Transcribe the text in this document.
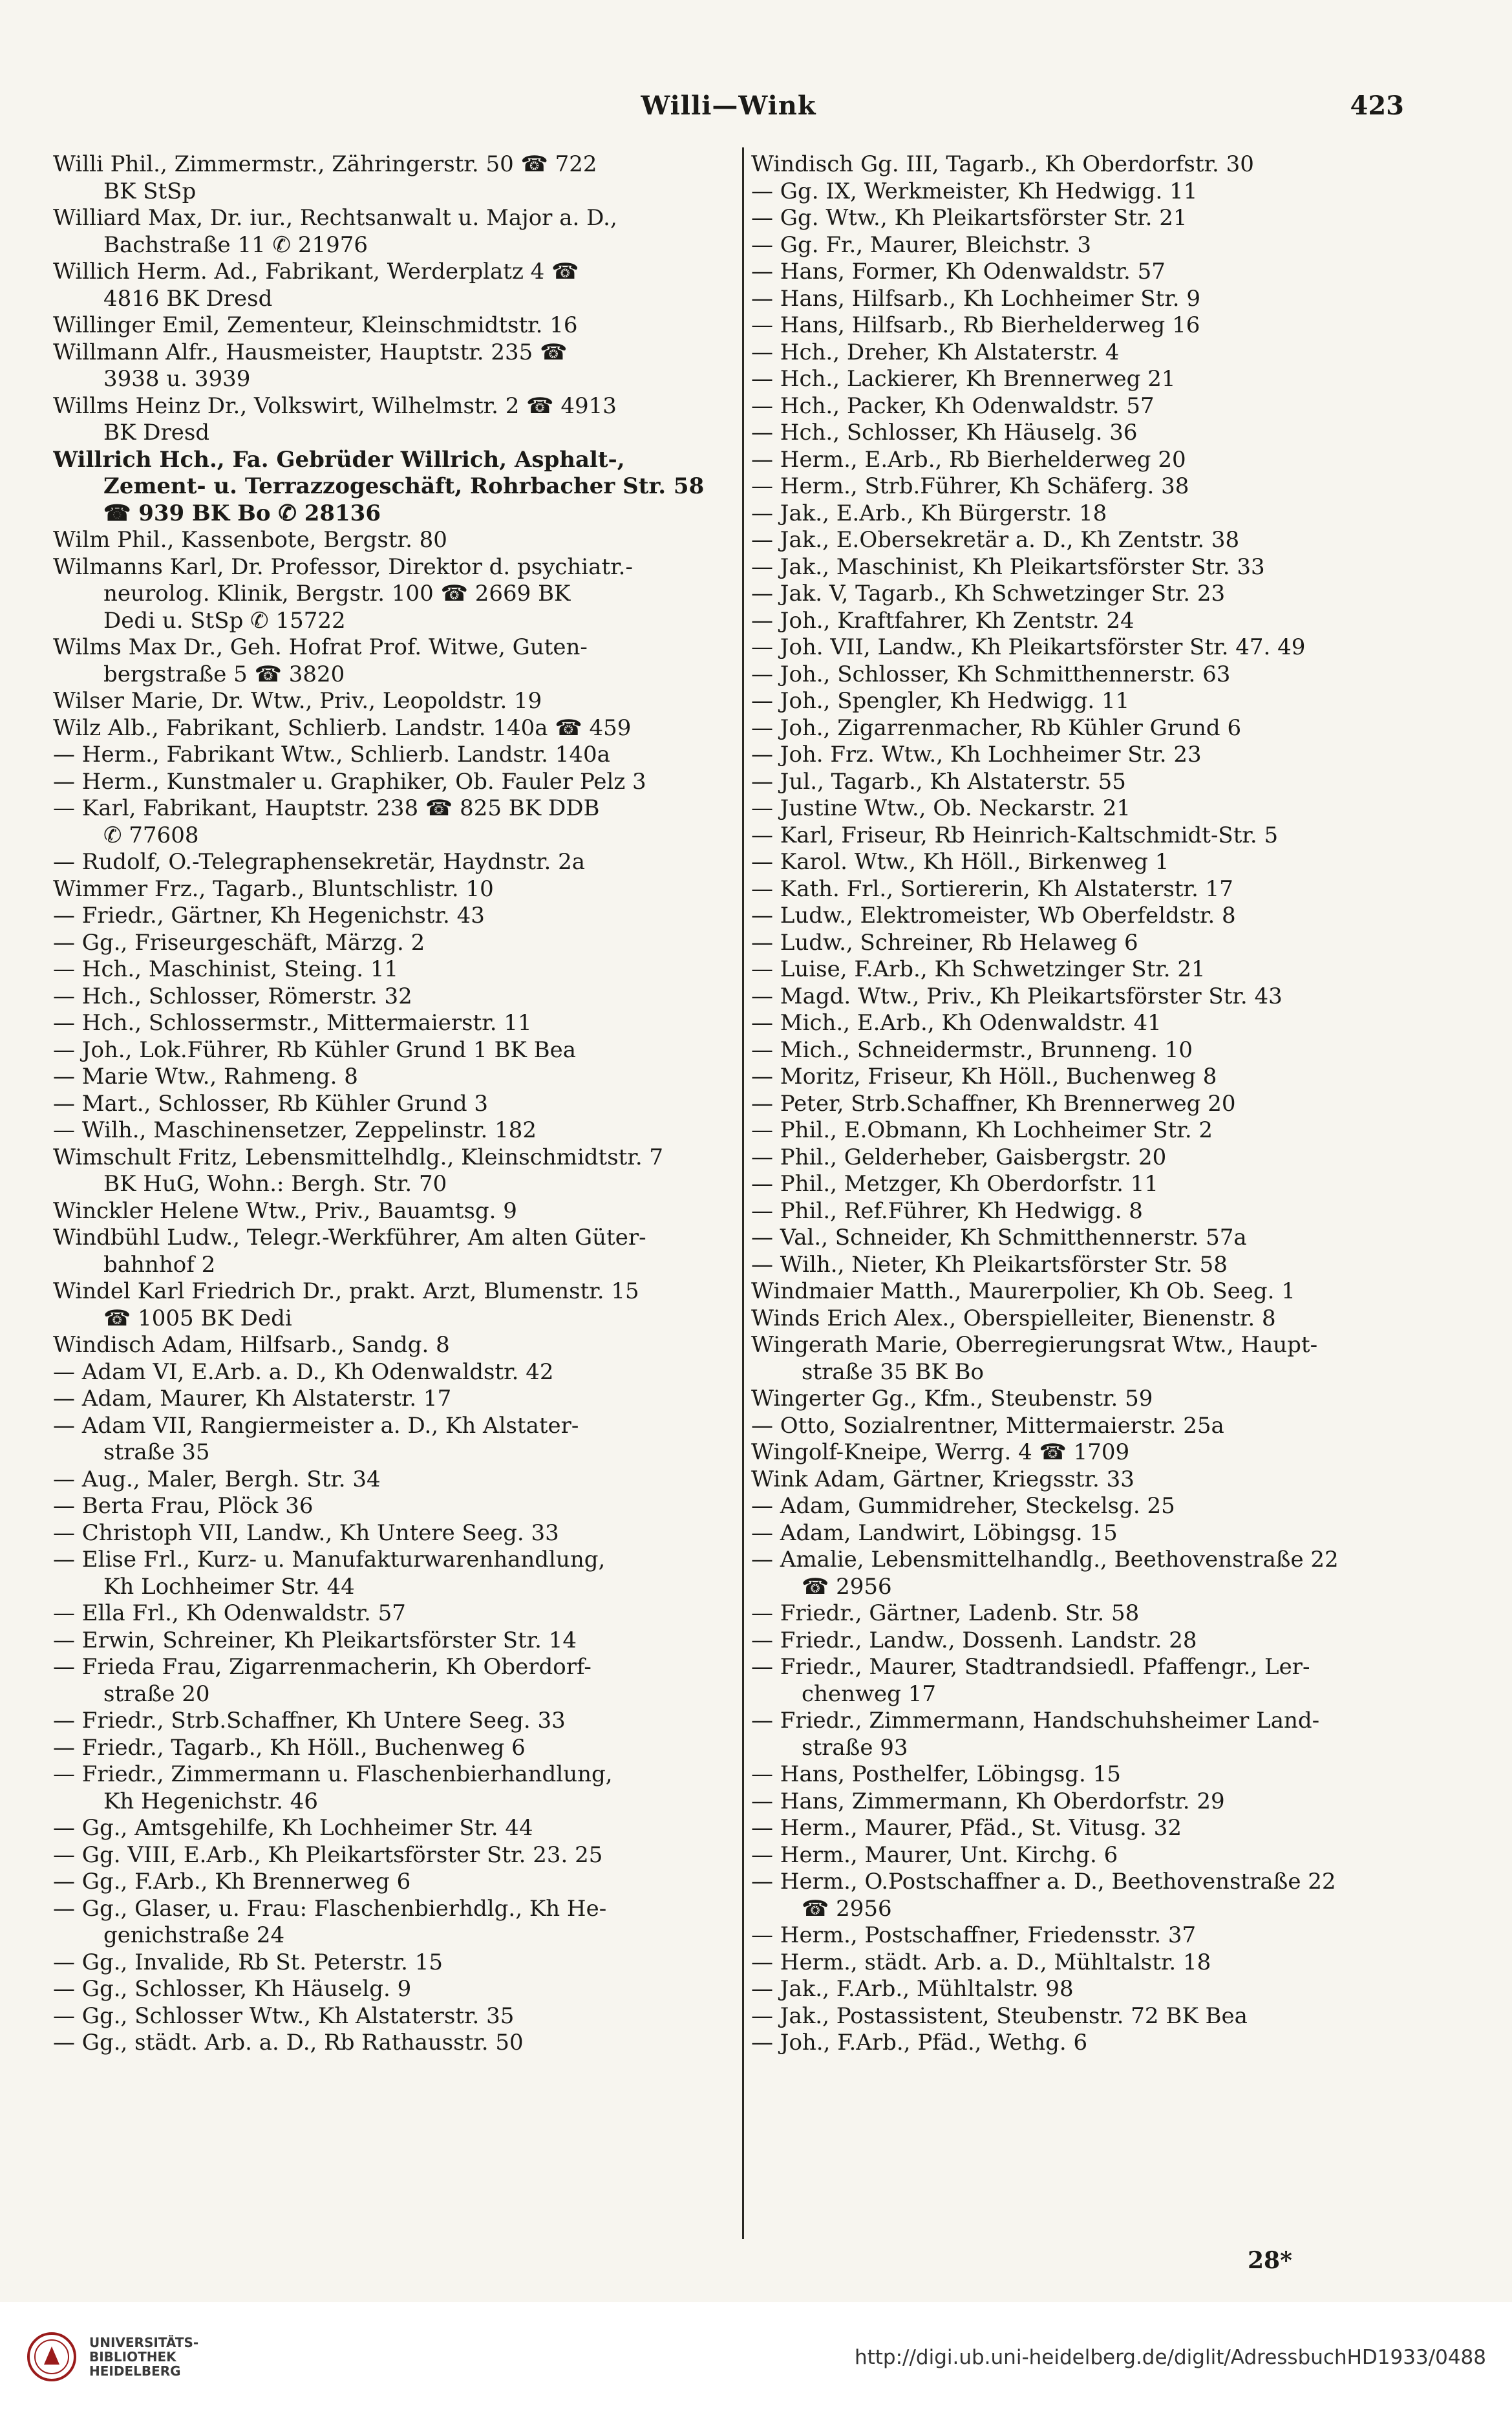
Willi—Wink	423
Willi Phil., Zimmermstr., Zähringerstr. 50 ☎ 722
BK StSp
Williard Max, Dr. iur., Rechtsanwalt u. Major a. D.,
Bachstraße 11 ✆ 21976
Willich Herm. Ad., Fabrikant, Werderplatz 4 ☎
4816 BK Dresd
Willinger Emil, Zementeur, Kleinschmidtstr. 16
Willmann Alfr., Hausmeister, Hauptstr. 235 ☎
3938 u. 3939
Willms Heinz Dr., Volkswirt, Wilhelmstr. 2 ☎ 4913
BK Dresd
Willrich Hch., Fa. Gebrüder Willrich, Asphalt-,
Zement- u. Terrazzogeschäft, Rohrbacher Str. 58
☎ 939 BK Bo ✆ 28136
Wilm Phil., Kassenbote, Bergstr. 80
Wilmanns Karl, Dr. Professor, Direktor d. psychiatr.-
neurolog. Klinik, Bergstr. 100 ☎ 2669 BK
Dedi u. StSp ✆ 15722
Wilms Max Dr., Geh. Hofrat Prof. Witwe, Guten-
bergstraße 5 ☎ 3820
Wilser Marie, Dr. Wtw., Priv., Leopoldstr. 19
Wilz Alb., Fabrikant, Schlierb. Landstr. 140a ☎ 459
— Herm., Fabrikant Wtw., Schlierb. Landstr. 140a
— Herm., Kunstmaler u. Graphiker, Ob. Fauler Pelz 3
— Karl, Fabrikant, Hauptstr. 238 ☎ 825 BK DDB
✆ 77608
— Rudolf, O.-Telegraphensekretär, Haydnstr. 2a
Wimmer Frz., Tagarb., Bluntschlistr. 10
— Friedr., Gärtner, Kh Hegenichstr. 43
— Gg., Friseurgeschäft, Märzg. 2
— Hch., Maschinist, Steing. 11
— Hch., Schlosser, Römerstr. 32
— Hch., Schlossermstr., Mittermaierstr. 11
— Joh., Lok.Führer, Rb Kühler Grund 1 BK Bea
— Marie Wtw., Rahmeng. 8
— Mart., Schlosser, Rb Kühler Grund 3
— Wilh., Maschinensetzer, Zeppelinstr. 182
Wimschult Fritz, Lebensmittelhdlg., Kleinschmidtstr. 7
BK HuG, Wohn.: Bergh. Str. 70
Winckler Helene Wtw., Priv., Bauamtsg. 9
Windbühl Ludw., Telegr.-Werkführer, Am alten Güter-
bahnhof 2
Windel Karl Friedrich Dr., prakt. Arzt, Blumenstr. 15
☎ 1005 BK Dedi
Windisch Adam, Hilfsarb., Sandg. 8
— Adam VI, E.Arb. a. D., Kh Odenwaldstr. 42
— Adam, Maurer, Kh Alstaterstr. 17
— Adam VII, Rangiermeister a. D., Kh Alstater-
straße 35
— Aug., Maler, Bergh. Str. 34
— Berta Frau, Plöck 36
— Christoph VII, Landw., Kh Untere Seeg. 33
— Elise Frl., Kurz- u. Manufakturwarenhandlung,
Kh Lochheimer Str. 44
— Ella Frl., Kh Odenwaldstr. 57
— Erwin, Schreiner, Kh Pleikartsförster Str. 14
— Frieda Frau, Zigarrenmacherin, Kh Oberdorf-
straße 20
— Friedr., Strb.Schaffner, Kh Untere Seeg. 33
— Friedr., Tagarb., Kh Höll., Buchenweg 6
— Friedr., Zimmermann u. Flaschenbierhandlung,
Kh Hegenichstr. 46
— Gg., Amtsgehilfe, Kh Lochheimer Str. 44
— Gg. VIII, E.Arb., Kh Pleikartsförster Str. 23. 25
— Gg., F.Arb., Kh Brennerweg 6
— Gg., Glaser, u. Frau: Flaschenbierhdlg., Kh He-
genichstraße 24
— Gg., Invalide, Rb St. Peterstr. 15
— Gg., Schlosser, Kh Häuselg. 9
— Gg., Schlosser Wtw., Kh Alstaterstr. 35
— Gg., städt. Arb. a. D., Rb Rathausstr. 50
Windisch Gg. III, Tagarb., Kh Oberdorfstr. 30
— Gg. IX, Werkmeister, Kh Hedwigg. 11
— Gg. Wtw., Kh Pleikartsförster Str. 21
— Gg. Fr., Maurer, Bleichstr. 3
— Hans, Former, Kh Odenwaldstr. 57
— Hans, Hilfsarb., Kh Lochheimer Str. 9
— Hans, Hilfsarb., Rb Bierhelderweg 16
— Hch., Dreher, Kh Alstaterstr. 4
— Hch., Lackierer, Kh Brennerweg 21
— Hch., Packer, Kh Odenwaldstr. 57
— Hch., Schlosser, Kh Häuselg. 36
— Herm., E.Arb., Rb Bierhelderweg 20
— Herm., Strb.Führer, Kh Schäferg. 38
— Jak., E.Arb., Kh Bürgerstr. 18
— Jak., E.Obersekretär a. D., Kh Zentstr. 38
— Jak., Maschinist, Kh Pleikartsförster Str. 33
— Jak. V, Tagarb., Kh Schwetzinger Str. 23
— Joh., Kraftfahrer, Kh Zentstr. 24
— Joh. VII, Landw., Kh Pleikartsförster Str. 47. 49
— Joh., Schlosser, Kh Schmitthennerstr. 63
— Joh., Spengler, Kh Hedwigg. 11
— Joh., Zigarrenmacher, Rb Kühler Grund 6
— Joh. Frz. Wtw., Kh Lochheimer Str. 23
— Jul., Tagarb., Kh Alstaterstr. 55
— Justine Wtw., Ob. Neckarstr. 21
— Karl, Friseur, Rb Heinrich-Kaltschmidt-Str. 5
— Karol. Wtw., Kh Höll., Birkenweg 1
— Kath. Frl., Sortiererin, Kh Alstaterstr. 17
— Ludw., Elektromeister, Wb Oberfeldstr. 8
— Ludw., Schreiner, Rb Helaweg 6
— Luise, F.Arb., Kh Schwetzinger Str. 21
— Magd. Wtw., Priv., Kh Pleikartsförster Str. 43
— Mich., E.Arb., Kh Odenwaldstr. 41
— Mich., Schneidermstr., Brunneng. 10
— Moritz, Friseur, Kh Höll., Buchenweg 8
— Peter, Strb.Schaffner, Kh Brennerweg 20
— Phil., E.Obmann, Kh Lochheimer Str. 2
— Phil., Gelderheber, Gaisbergstr. 20
— Phil., Metzger, Kh Oberdorfstr. 11
— Phil., Ref.Führer, Kh Hedwigg. 8
— Val., Schneider, Kh Schmitthennerstr. 57a
— Wilh., Nieter, Kh Pleikartsförster Str. 58
Windmaier Matth., Maurerpolier, Kh Ob. Seeg. 1
Winds Erich Alex., Oberspielleiter, Bienenstr. 8
Wingerath Marie, Oberregierungsrat Wtw., Haupt-
straße 35 BK Bo
Wingerter Gg., Kfm., Steubenstr. 59
— Otto, Sozialrentner, Mittermaierstr. 25a
Wingolf-Kneipe, Werrg. 4 ☎ 1709
Wink Adam, Gärtner, Kriegsstr. 33
— Adam, Gummidreher, Steckelsg. 25
— Adam, Landwirt, Löbingsg. 15
— Amalie, Lebensmittelhandlg., Beethovenstraße 22
☎ 2956
— Friedr., Gärtner, Ladenb. Str. 58
— Friedr., Landw., Dossenh. Landstr. 28
— Friedr., Maurer, Stadtrandsiedl. Pfaffengr., Ler-
chenweg 17
— Friedr., Zimmermann, Handschuhsheimer Land-
straße 93
— Hans, Posthelfer, Löbingsg. 15
— Hans, Zimmermann, Kh Oberdorfstr. 29
— Herm., Maurer, Pfäd., St. Vitusg. 32
— Herm., Maurer, Unt. Kirchg. 6
— Herm., O.Postschaffner a. D., Beethovenstraße 22
☎ 2956
— Herm., Postschaffner, Friedensstr. 37
— Herm., städt. Arb. a. D., Mühltalstr. 18
— Jak., F.Arb., Mühltalstr. 98
— Jak., Postassistent, Steubenstr. 72 BK Bea
— Joh., F.Arb., Pfäd., Wethg. 6
28*
UNIVERSITÄTS-
BIBLIOTHEK
HEIDELBERG
http://digi.ub.uni-heidelberg.de/diglit/AdressbuchHD1933/0488
